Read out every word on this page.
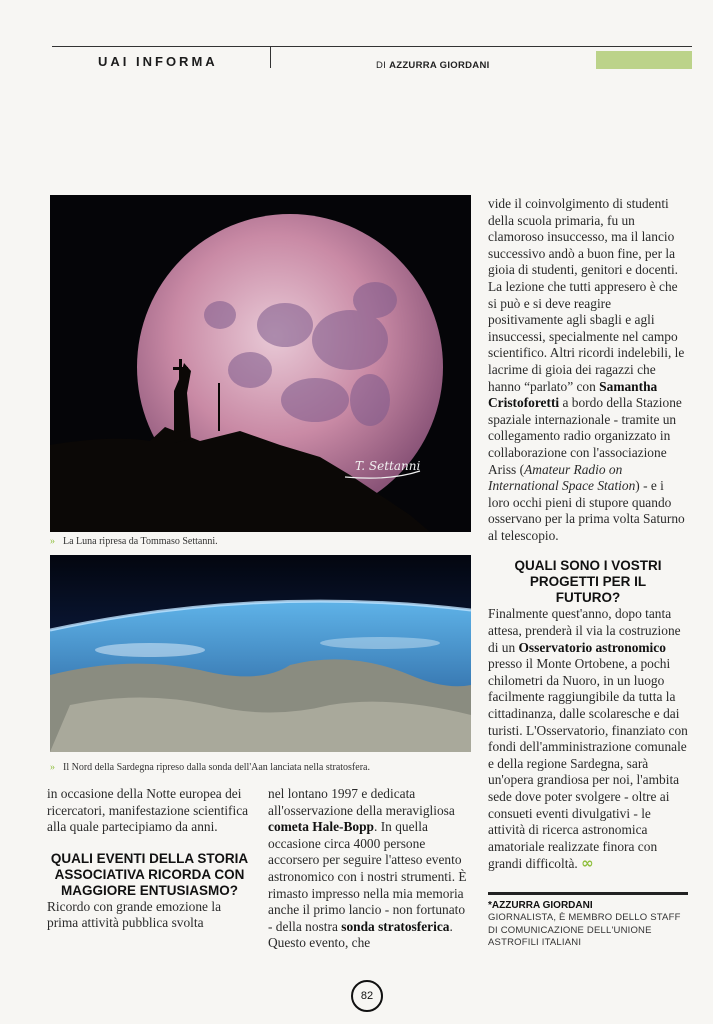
UAI INFORMA	DI AZZURRA GIORDANI
T. Settanni
» La Luna ripresa da Tommaso Settanni.
» Il Nord della Sardegna ripreso dalla sonda dell'Aan lanciata nella stratosfera.
in occasione della Notte europea dei ricercatori, manifestazione scientifica alla quale partecipiamo da anni.
QUALI EVENTI DELLA STORIA ASSOCIATIVA RICORDA CON MAGGIORE ENTUSIASMO?
Ricordo con grande emozione la prima attività pubblica svolta
nel lontano 1997 e dedicata all'osservazione della meravigliosa cometa Hale-Bopp. In quella occasione circa 4000 persone accorsero per seguire l'atteso evento astronomico con i nostri strumenti. È rimasto impresso nella mia memoria anche il primo lancio - non fortunato - della nostra sonda stratosferica. Questo evento, che
vide il coinvolgimento di studenti della scuola primaria, fu un clamoroso insuccesso, ma il lancio successivo andò a buon fine, per la gioia di studenti, genitori e docenti. La lezione che tutti appresero è che si può e si deve reagire positivamente agli sbagli e agli insuccessi, specialmente nel campo scientifico. Altri ricordi indelebili, le lacrime di gioia dei ragazzi che hanno “parlato” con Samantha Cristoforetti a bordo della Stazione spaziale internazionale - tramite un collegamento radio organizzato in collaborazione con l'associazione Ariss (Amateur Radio on International Space Station) - e i loro occhi pieni di stupore quando osservano per la prima volta Saturno al telescopio.
QUALI SONO I VOSTRI PROGETTI PER IL FUTURO?
Finalmente quest'anno, dopo tanta attesa, prenderà il via la costruzione di un Osservatorio astronomico presso il Monte Ortobene, a pochi chilometri da Nuoro, in un luogo facilmente raggiungibile da tutta la cittadinanza, dalle scolaresche e dai turisti. L'Osservatorio, finanziato con fondi dell'amministrazione comunale e della regione Sardegna, sarà un'opera grandiosa per noi, l'ambita sede dove poter svolgere - oltre ai consueti eventi divulgativi - le attività di ricerca astronomica amatoriale realizzate finora con grandi difficoltà. ∞
*AZZURRA GIORDANI
GIORNALISTA, È MEMBRO DELLO STAFF DI COMUNICAZIONE DELL'UNIONE ASTROFILI ITALIANI
82
